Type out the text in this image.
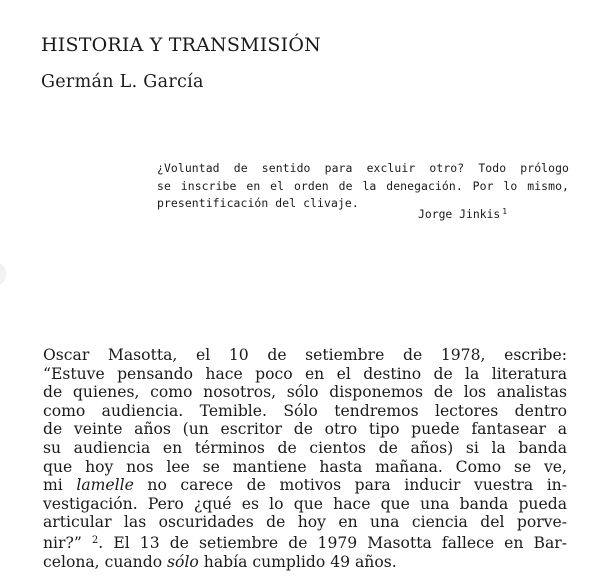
HISTORIA Y TRANSMISIÓN
Germán L. García
¿Voluntad de sentido para excluir otro? Todo prólogo
se inscribe en el orden de la denegación. Por lo mismo,
presentificación del clivaje.
Jorge Jinkis $^1$
Oscar Masotta, el 10 de setiembre de 1978, escribe:
“Estuve pensando hace poco en el destino de la literatura
de quienes, como nosotros, sólo disponemos de los analistas
como audiencia. Temible. Sólo tendremos lectores dentro
de veinte años (un escritor de otro tipo puede fantasear a
su audiencia en términos de cientos de años) si la banda
que hoy nos lee se mantiene hasta mañana. Como se ve,
mi lamelle no carece de motivos para inducir vuestra in-
vestigación. Pero ¿qué es lo que hace que una banda pueda
articular las oscuridades de hoy en una ciencia del porve-
nir?” $^2$. El 13 de setiembre de 1979 Masotta fallece en Bar-
celona, cuando sólo había cumplido 49 años.
